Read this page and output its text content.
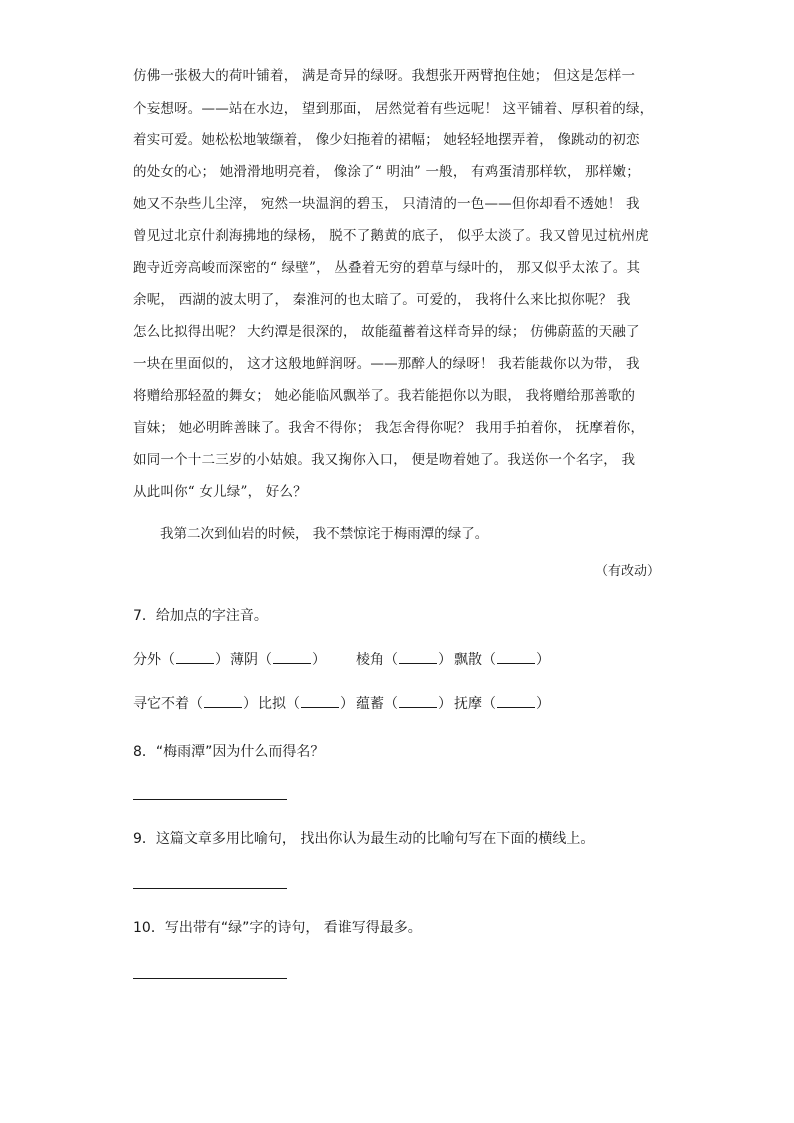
仿佛一张极大的荷叶铺着， 满是奇异的绿呀。我想张开两臂抱住她； 但这是怎样一
个妄想呀。——站在水边， 望到那面， 居然觉着有些远呢！ 这平铺着、厚积着的绿，
着实可爱。她松松地皱缬着， 像少妇拖着的裙幅； 她轻轻地摆弄着， 像跳动的初恋
的处女的心； 她滑滑地明亮着， 像涂了“ 明油” 一般， 有鸡蛋清那样软， 那样嫩；
她又不杂些儿尘滓， 宛然一块温润的碧玉， 只清清的一色——但你却看不透她！ 我
曾见过北京什刹海拂地的绿杨， 脱不了鹅黄的底子， 似乎太淡了。我又曾见过杭州虎
跑寺近旁高峻而深密的“ 绿壁”， 丛叠着无穷的碧草与绿叶的， 那又似乎太浓了。其
余呢， 西湖的波太明了， 秦淮河的也太暗了。可爱的， 我将什么来比拟你呢？ 我
怎么比拟得出呢？ 大约潭是很深的， 故能蕴蓄着这样奇异的绿； 仿佛蔚蓝的天融了
一块在里面似的， 这才这般地鲜润呀。——那醉人的绿呀！ 我若能裁你以为带， 我
将赠给那轻盈的舞女； 她必能临风飘举了。我若能挹你以为眼， 我将赠给那善歌的
盲妹； 她必明眸善睐了。我舍不得你； 我怎舍得你呢？ 我用手拍着你， 抚摩着你，
如同一个十二三岁的小姑娘。我又掬你入口， 便是吻着她了。我送你一个名字， 我
从此叫你“ 女儿绿”， 好么？
我第二次到仙岩的时候， 我不禁惊诧于梅雨潭的绿了。
（有改动）
7．给加点的字注音。
分外（	） 薄阴（	） 棱角（	） 飘散（	）
寻它不着（	） 比拟（	） 蕴蓄（	） 抚摩（	）
8．“梅雨潭”因为什么而得名？
9．这篇文章多用比喻句， 找出你认为最生动的比喻句写在下面的横线上。
10．写出带有“绿”字的诗句， 看谁写得最多。
